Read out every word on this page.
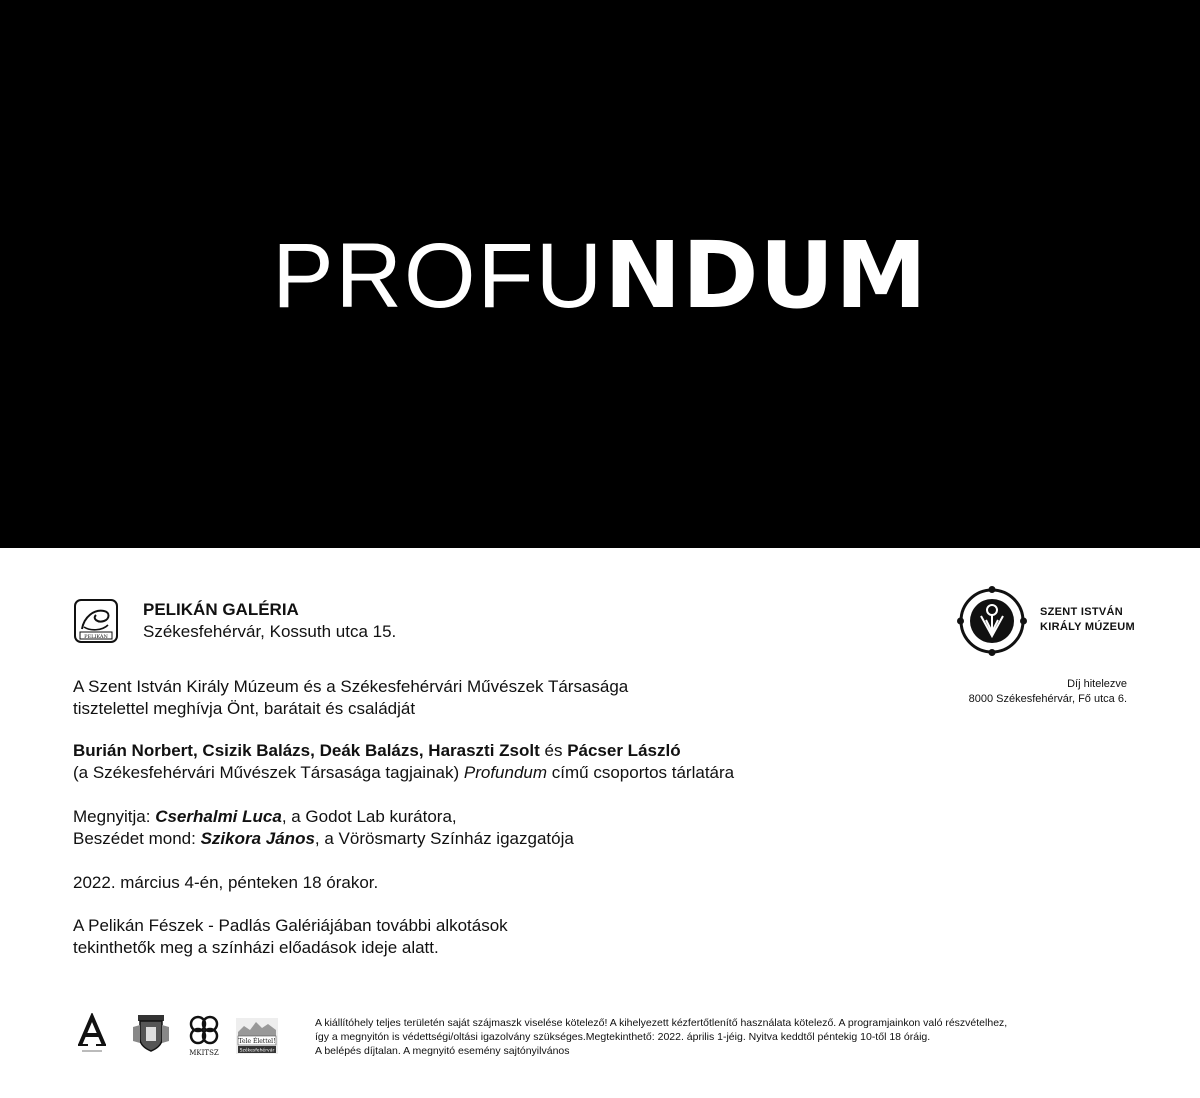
PROFUNDUM
PELIKÁN
PELIKÁN GALÉRIA
Székesfehérvár, Kossuth utca 15.
A Szent István Király Múzeum és a Székesfehérvári Művészek Társasága
tisztelettel meghívja Önt, barátait és családját
Burián Norbert, Csizik Balázs, Deák Balázs, Haraszti Zsolt és Pácser László
(a Székesfehérvári Művészek Társasága tagjainak) Profundum című csoportos tárlatára
Megnyitja: Cserhalmi Luca, a Godot Lab kurátora,
Beszédet mond: Szikora János, a Vörösmarty Színház igazgatója
2022. március 4-én, pénteken 18 órakor.
A Pelikán Fészek - Padlás Galériájában további alkotások
tekinthetők meg a színházi előadások ideje alatt.
SZENT ISTVÁN
KIRÁLY MÚZEUM
Díj hitelezve
8000 Székesfehérvár, Fő utca 6.
MKITSZ
Tele Élettel!
Székesfehérvár
A kiállítóhely teljes területén saját szájmaszk viselése kötelező! A kihelyezett kézfertőtlenítő használata kötelező. A programjainkon való részvételhez,
így a megnyitón is védettségi/oltási igazolvány szükséges.Megtekinthető: 2022. április 1-jéig. Nyitva keddtől péntekig 10-től 18 óráig.
A belépés díjtalan. A megnyitó esemény sajtónyilvános
